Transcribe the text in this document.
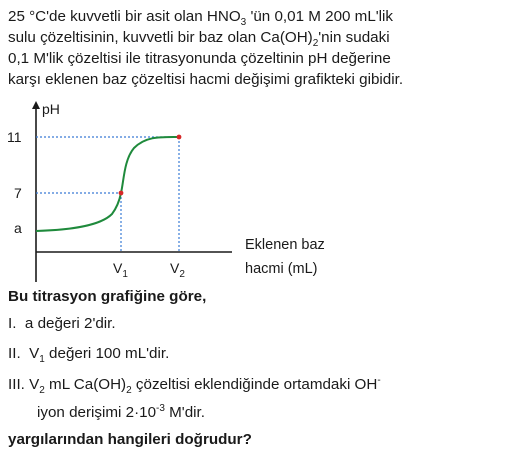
25 °C'de kuvvetli bir asit olan $HNO_3$ 'ün 0,01 M 200 mL'lik
sulu çözeltisinin, kuvvetli bir baz olan $Ca(OH)_2'nin$ sudaki
0,1 M'lik çözeltisi ile titrasyonunda çözeltinin pH değerine
karşı eklenen baz çözeltisi hacmi değişimi grafikteki gibidir.
pH
11
7
a
$V_1$	$V_2$
Eklenen baz
hacmi (mL)
Bu titrasyon grafiğine göre,
I. a değeri 2'dir.
II. $V_1$ değeri 100 mL'dir.
III. $V_2$ mL $Ca(OH)_2$ çözeltisi eklendiğinde ortamdaki OH-
iyon derişimi $2\cdot 10^{-3}$ M'dir.
yargılarından hangileri doğrudur?
